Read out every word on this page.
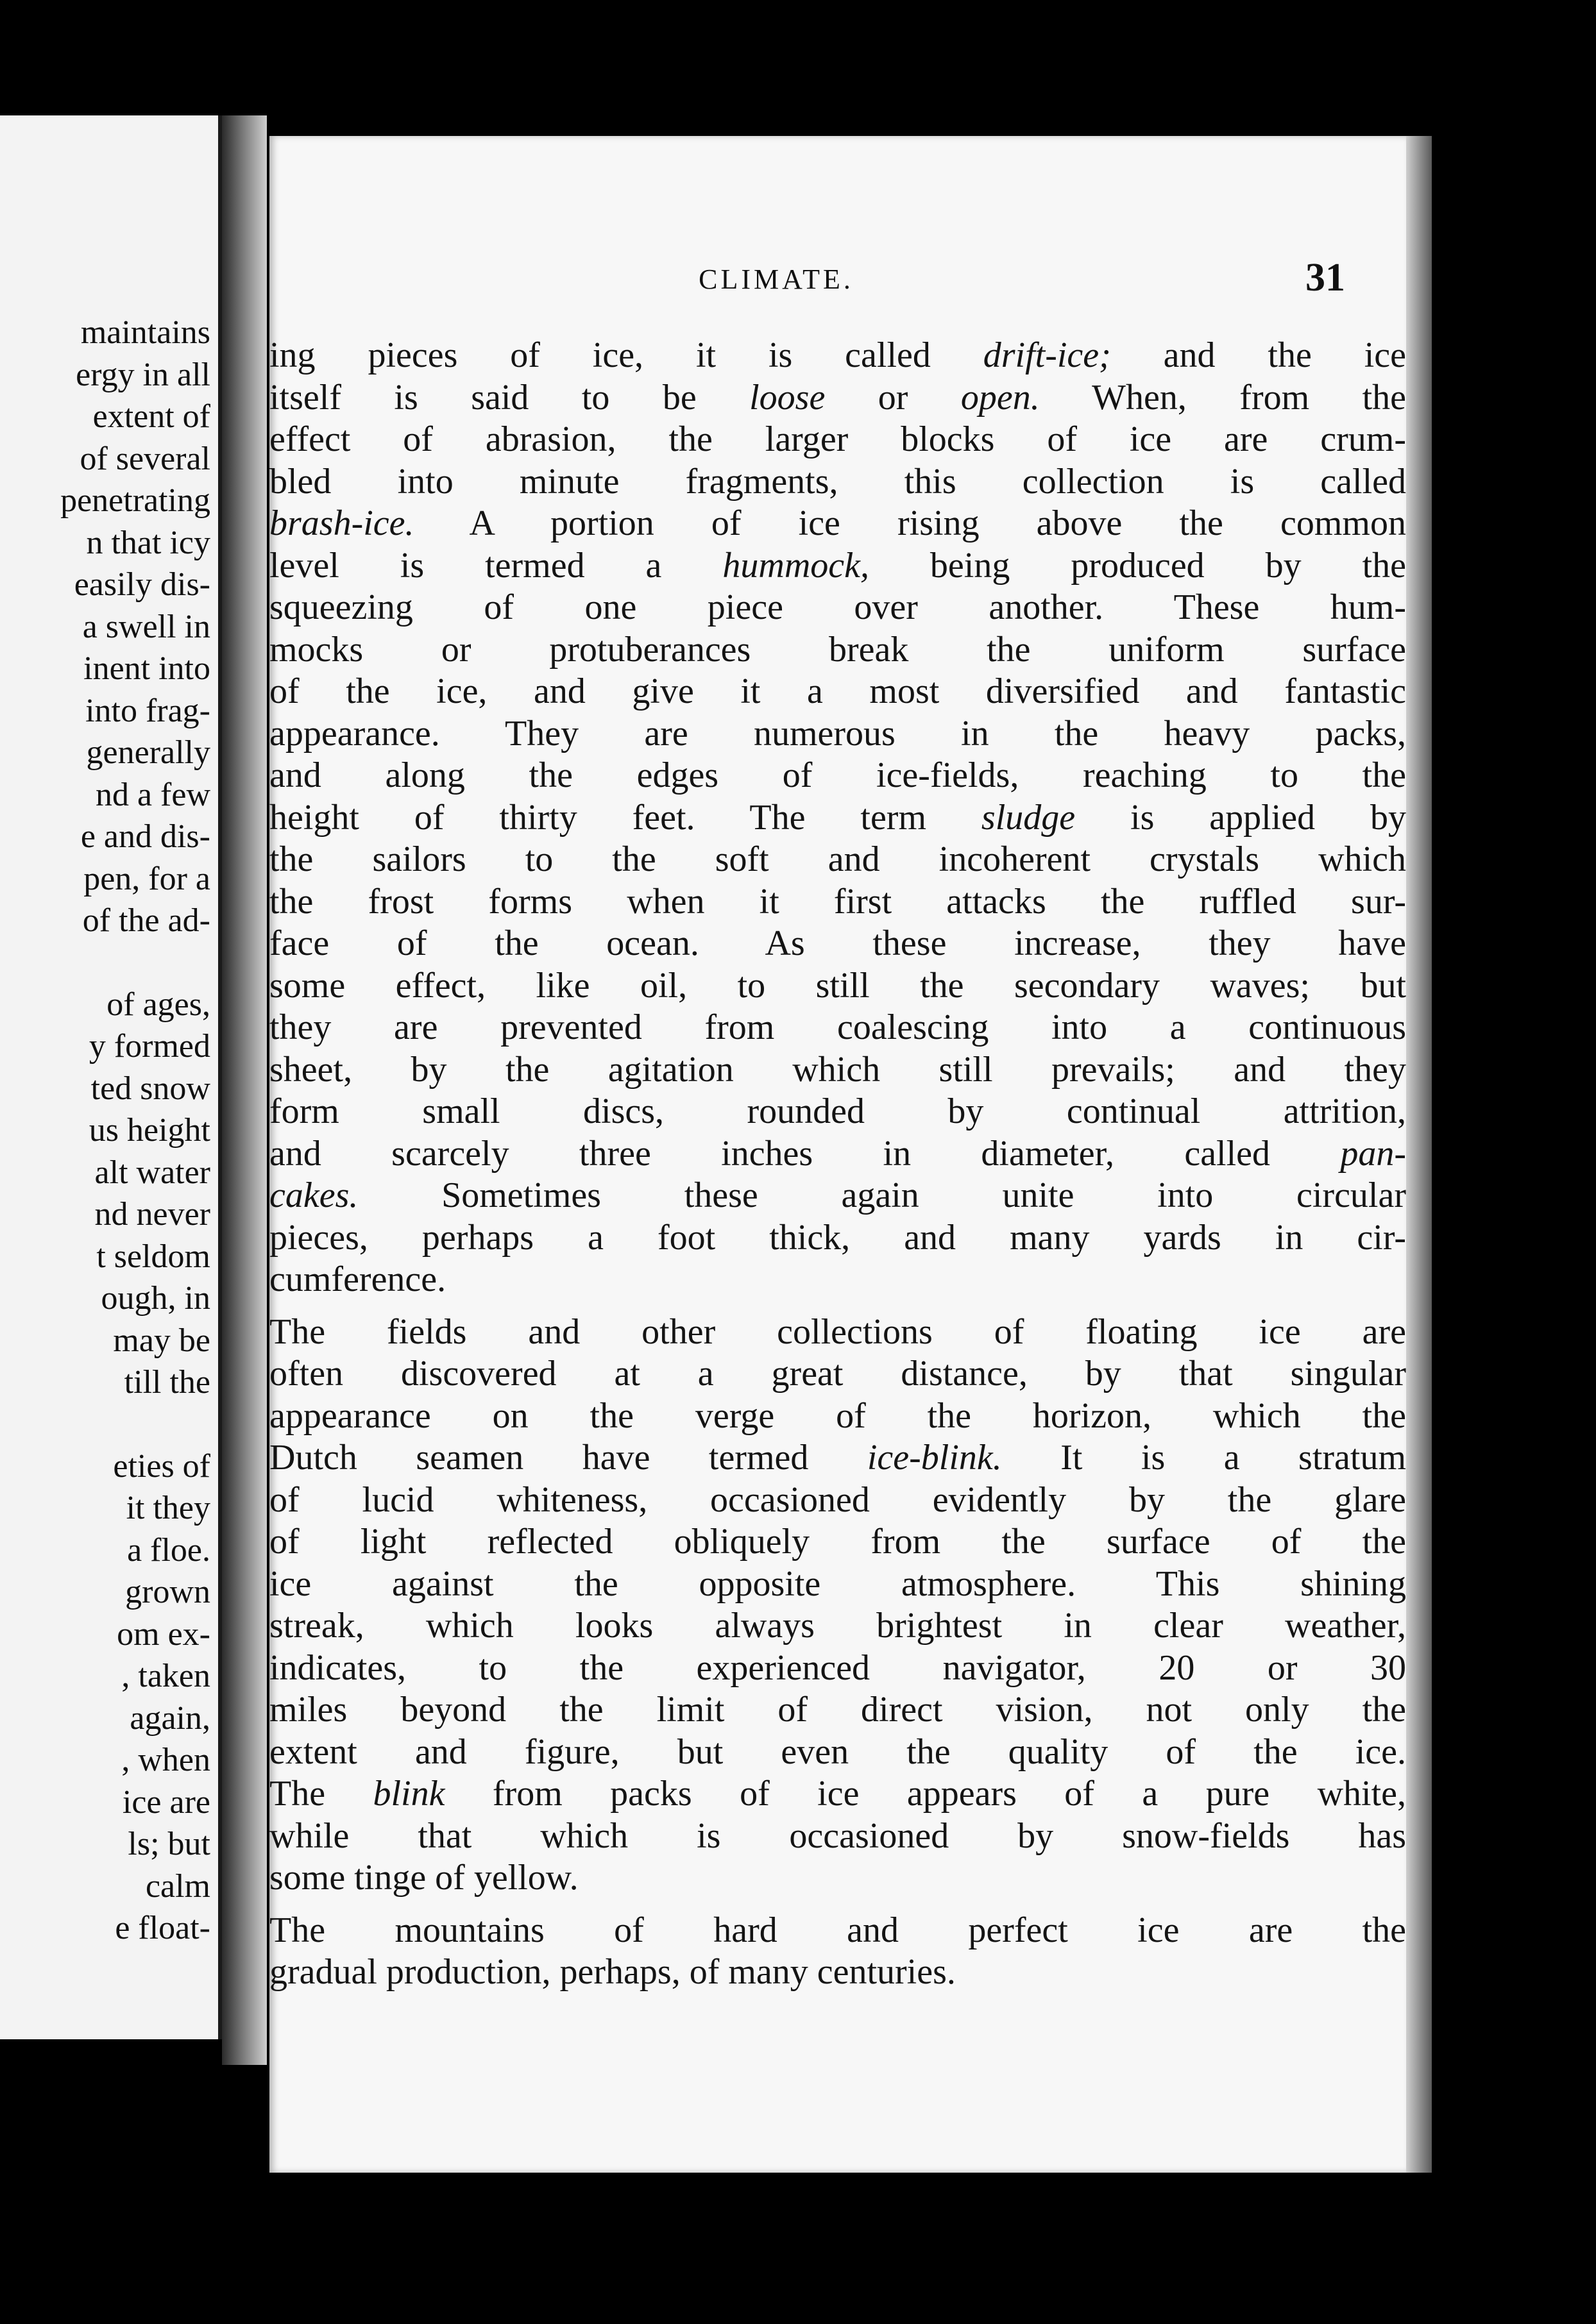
maintains
ergy in all
extent of
of several
penetrating
n that icy
easily dis-
a swell in
inent into
into frag-
generally
nd a few
e and dis-
pen, for a
of the ad-

of ages,
y formed
ted snow
us height
alt water
nd never
t seldom
ough, in
may be
till the

eties of
it they
a floe.
grown
om ex-
, taken
again,
, when
ice are
ls; but
calm
e float-
CLIMATE.	31
ing pieces of ice, it is called drift-ice; and the ice
itself is said to be loose or open. When, from the
effect of abrasion, the larger blocks of ice are crum-
bled into minute fragments, this collection is called
brash-ice. A portion of ice rising above the common
level is termed a hummock, being produced by the
squeezing of one piece over another. These hum-
mocks or protuberances break the uniform surface
of the ice, and give it a most diversified and fantastic
appearance. They are numerous in the heavy packs,
and along the edges of ice-fields, reaching to the
height of thirty feet. The term sludge is applied by
the sailors to the soft and incoherent crystals which
the frost forms when it first attacks the ruffled sur-
face of the ocean. As these increase, they have
some effect, like oil, to still the secondary waves; but
they are prevented from coalescing into a continuous
sheet, by the agitation which still prevails; and they
form small discs, rounded by continual attrition,
and scarcely three inches in diameter, called pan-
cakes. Sometimes these again unite into circular
pieces, perhaps a foot thick, and many yards in cir-
cumference.
The fields and other collections of floating ice are
often discovered at a great distance, by that singular
appearance on the verge of the horizon, which the
Dutch seamen have termed ice-blink. It is a stratum
of lucid whiteness, occasioned evidently by the glare
of light reflected obliquely from the surface of the
ice against the opposite atmosphere. This shining
streak, which looks always brightest in clear weather,
indicates, to the experienced navigator, 20 or 30
miles beyond the limit of direct vision, not only the
extent and figure, but even the quality of the ice.
The blink from packs of ice appears of a pure white,
while that which is occasioned by snow-fields has
some tinge of yellow.
The mountains of hard and perfect ice are the
gradual production, perhaps, of many centuries.
